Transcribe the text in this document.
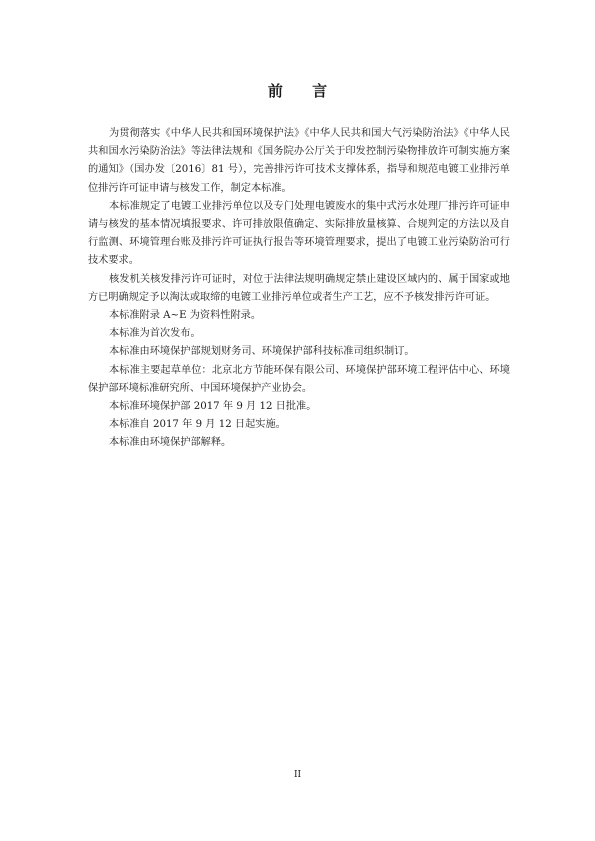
前 言

为贯彻落实《中华人民共和国环境保护法》《中华人民共和国大气污染防治法》《中华人民共和国水污染防治法》等法律法规和《国务院办公厅关于印发控制污染物排放许可制实施方案的通知》（国办发〔2016〕81 号），完善排污许可技术支撑体系，指导和规范电镀工业排污单位排污许可证申请与核发工作，制定本标准。

本标准规定了电镀工业排污单位以及专门处理电镀废水的集中式污水处理厂排污许可证申请与核发的基本情况填报要求、许可排放限值确定、实际排放量核算、合规判定的方法以及自行监测、环境管理台账及排污许可证执行报告等环境管理要求，提出了电镀工业污染防治可行技术要求。

核发机关核发排污许可证时，对位于法律法规明确规定禁止建设区域内的、属于国家或地方已明确规定予以淘汰或取缔的电镀工业排污单位或者生产工艺，应不予核发排污许可证。

本标准附录 A~E 为资料性附录。

本标准为首次发布。

本标准由环境保护部规划财务司、环境保护部科技标准司组织制订。

本标准主要起草单位：北京北方节能环保有限公司、环境保护部环境工程评估中心、环境保护部环境标准研究所、中国环境保护产业协会。

本标准环境保护部 2017 年 9 月 12 日批准。

本标准自 2017 年 9 月 12 日起实施。

本标准由环境保护部解释。

II
